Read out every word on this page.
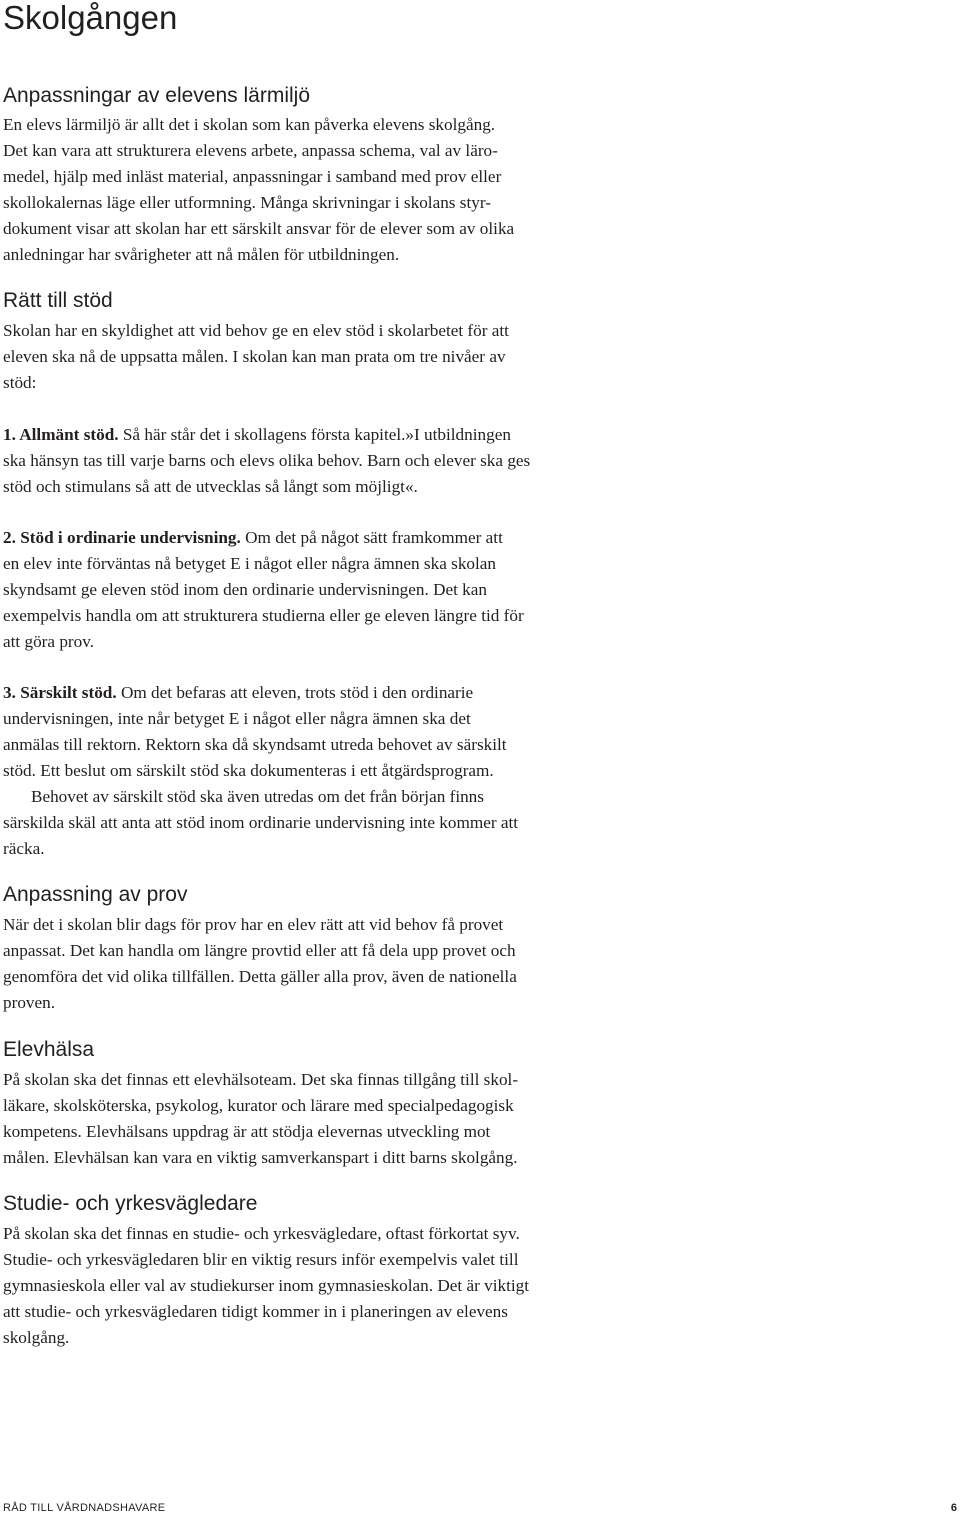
Skolgången
Anpassningar av elevens lärmiljö
En elevs lärmiljö är allt det i skolan som kan påverka elevens skolgång.
Det kan vara att strukturera elevens arbete, anpassa schema, val av läro-
medel, hjälp med inläst material, anpassningar i samband med prov eller
skollokalernas läge eller utformning. Många skrivningar i skolans styr-
dokument visar att skolan har ett särskilt ansvar för de elever som av olika
anledningar har svårigheter att nå målen för utbildningen.
Rätt till stöd
Skolan har en skyldighet att vid behov ge en elev stöd i skolarbetet för att
eleven ska nå de uppsatta målen. I skolan kan man prata om tre nivåer av
stöd:
1. Allmänt stöd. Så här står det i skollagens första kapitel.»I utbildningen
ska hänsyn tas till varje barns och elevs olika behov. Barn och elever ska ges
stöd och stimulans så att de utvecklas så långt som möjligt«.
2. Stöd i ordinarie undervisning. Om det på något sätt framkommer att
en elev inte förväntas nå betyget E i något eller några ämnen ska skolan
skyndsamt ge eleven stöd inom den ordinarie undervisningen. Det kan
exempelvis handla om att strukturera studierna eller ge eleven längre tid för
att göra prov.
3. Särskilt stöd. Om det befaras att eleven, trots stöd i den ordinarie
undervisningen, inte når betyget E i något eller några ämnen ska det
anmälas till rektorn. Rektorn ska då skyndsamt utreda behovet av särskilt
stöd. Ett beslut om särskilt stöd ska dokumenteras i ett åtgärdsprogram.
Behovet av särskilt stöd ska även utredas om det från början finns
särskilda skäl att anta att stöd inom ordinarie undervisning inte kommer att
räcka.
Anpassning av prov
När det i skolan blir dags för prov har en elev rätt att vid behov få provet
anpassat. Det kan handla om längre provtid eller att få dela upp provet och
genomföra det vid olika tillfällen. Detta gäller alla prov, även de nationella
proven.
Elevhälsa
På skolan ska det finnas ett elevhälsoteam. Det ska finnas tillgång till skol-
läkare, skolsköterska, psykolog, kurator och lärare med specialpedagogisk
kompetens. Elevhälsans uppdrag är att stödja elevernas utveckling mot
målen. Elevhälsan kan vara en viktig samverkanspart i ditt barns skolgång.
Studie- och yrkesvägledare
På skolan ska det finnas en studie- och yrkesvägledare, oftast förkortat syv.
Studie- och yrkesvägledaren blir en viktig resurs inför exempelvis valet till
gymnasieskola eller val av studiekurser inom gymnasieskolan. Det är viktigt
att studie- och yrkesvägledaren tidigt kommer in i planeringen av elevens
skolgång.
RÅD TILL VÅRDNADSHAVARE	6
